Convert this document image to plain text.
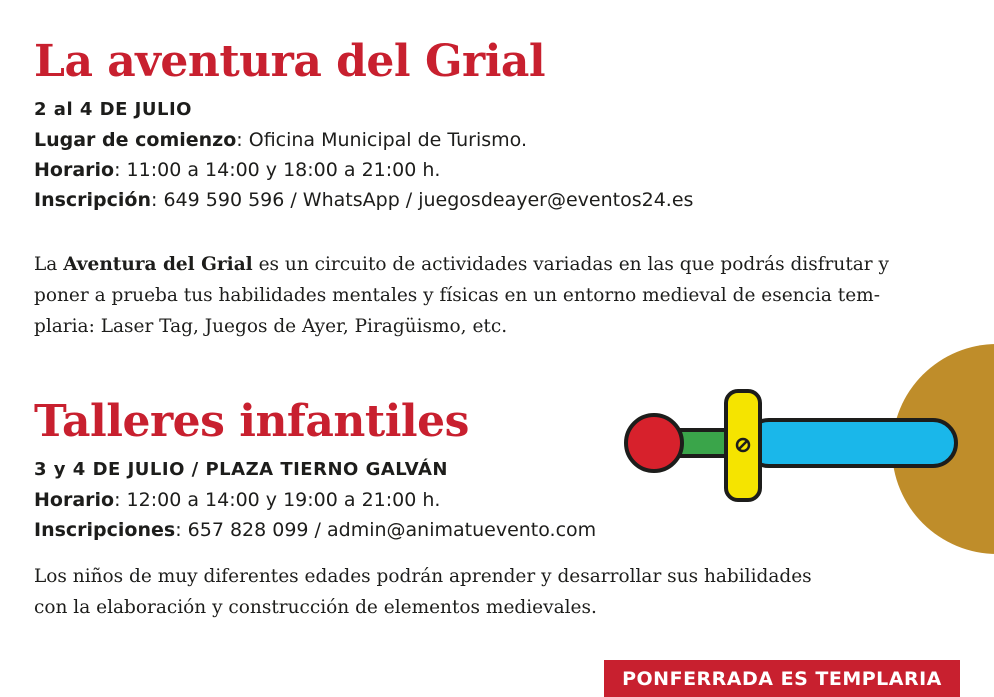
La aventura del Grial
2 al 4 DE JULIO
Lugar de comienzo: Oficina Municipal de Turismo.
Horario: 11:00 a 14:00 y 18:00 a 21:00 h.
Inscripción: 649 590 596 / WhatsApp / juegosdeayer@eventos24.es

La Aventura del Grial es un circuito de actividades variadas en las que podrás disfrutar y
poner a prueba tus habilidades mentales y físicas en un entorno medieval de esencia tem-
plaria: Laser Tag, Juegos de Ayer, Piragüismo, etc.

Talleres infantiles
3 y 4 DE JULIO / PLAZA TIERNO GALVÁN
Horario: 12:00 a 14:00 y 19:00 a 21:00 h.
Inscripciones: 657 828 099 / admin@animatuevento.com

Los niños de muy diferentes edades podrán aprender y desarrollar sus habilidades
con la elaboración y construcción de elementos medievales.

PONFERRADA ES TEMPLARIA
